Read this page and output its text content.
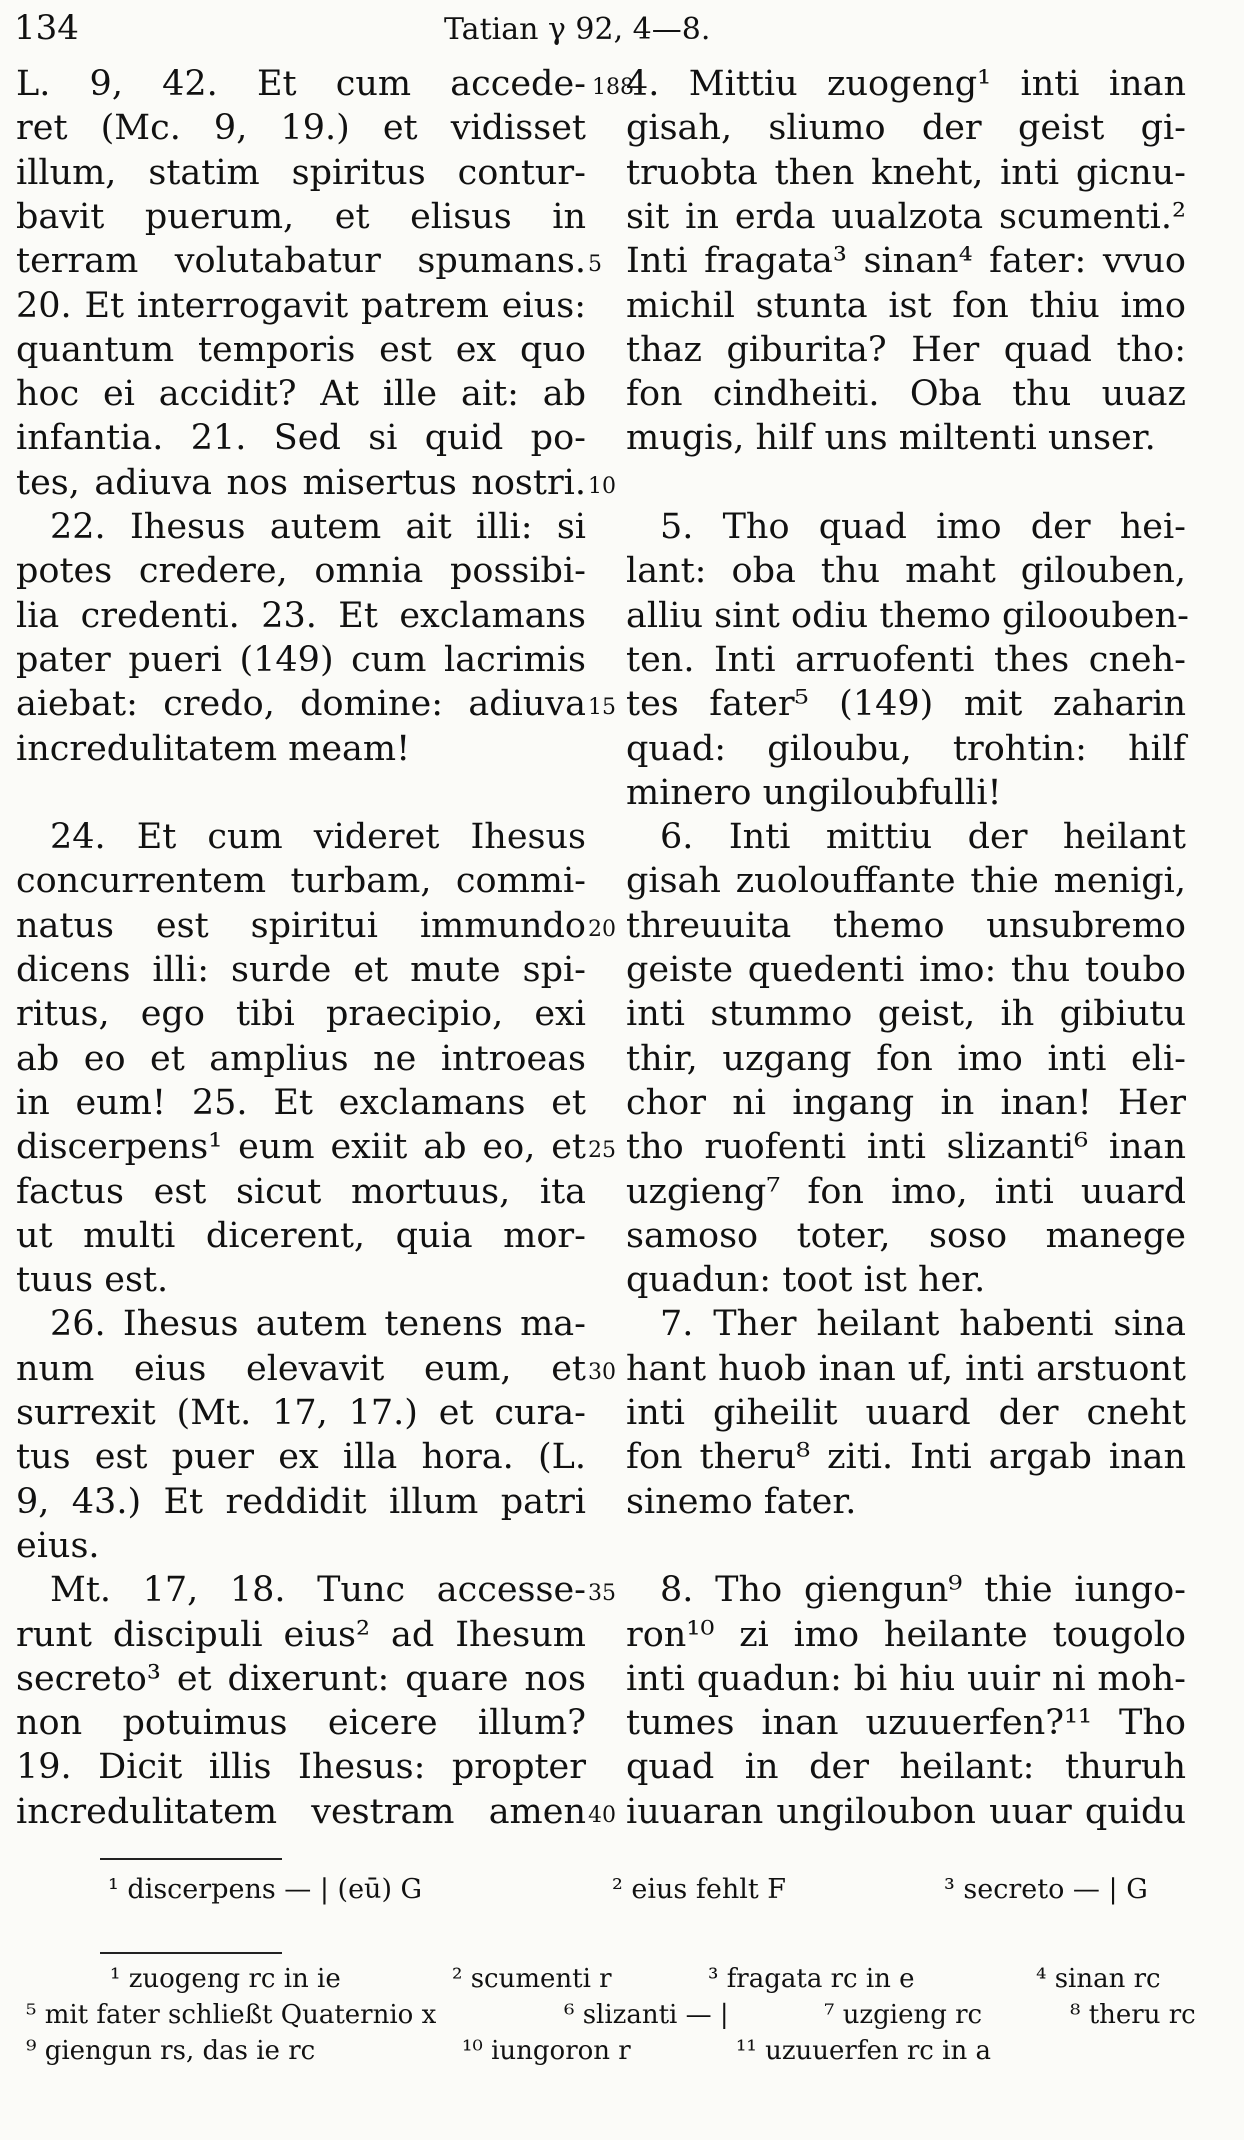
134	Tatian γ 92, 4—8.
L. 9, 42. Et cum accede-
ret (Mc. 9, 19.) et vidisset
illum, statim spiritus contur-
bavit puerum, et elisus in
terram volutabatur spumans.
20. Et interrogavit patrem eius:
quantum temporis est ex quo
hoc ei accidit? At ille ait: ab
infantia. 21. Sed si quid po-
tes, adiuva nos misertus nostri.
22. Ihesus autem ait illi: si
potes credere, omnia possibi-
lia credenti. 23. Et exclamans
pater pueri (149) cum lacrimis
aiebat: credo, domine: adiuva
incredulitatem meam!
24. Et cum videret Ihesus
concurrentem turbam, commi-
natus est spiritui immundo
dicens illi: surde et mute spi-
ritus, ego tibi praecipio, exi
ab eo et amplius ne introeas
in eum! 25. Et exclamans et
discerpens¹ eum exiit ab eo, et
factus est sicut mortuus, ita
ut multi dicerent, quia mor-
tuus est.
26. Ihesus autem tenens ma-
num eius elevavit eum, et
surrexit (Mt. 17, 17.) et cura-
tus est puer ex illa hora. (L.
9, 43.) Et reddidit illum patri
eius.
Mt. 17, 18. Tunc accesse-
runt discipuli eius² ad Ihesum
secreto³ et dixerunt: quare nos
non potuimus eicere illum?
19. Dicit illis Ihesus: propter
incredulitatem vestram amen
4. Mittiu zuogeng¹ inti inan
gisah, sliumo der geist gi-
truobta then kneht, inti gicnu-
sit in erda uualzota scumenti.²
Inti fragata³ sinan⁴ fater: vvuo
michil stunta ist fon thiu imo
thaz giburita? Her quad tho:
fon cindheiti. Oba thu uuaz
mugis, hilf uns miltenti unser.
5. Tho quad imo der hei-
lant: oba thu maht gilouben,
alliu sint odiu themo giloouben-
ten. Inti arruofenti thes cneh-
tes fater⁵ (149) mit zaharin
quad: giloubu, trohtin: hilf
minero ungiloubfulli!
6. Inti mittiu der heilant
gisah zuolouffante thie menigi,
threuuita themo unsubremo
geiste quedenti imo: thu toubo
inti stummo geist, ih gibiutu
thir, uzgang fon imo inti eli-
chor ni ingang in inan! Her
tho ruofenti inti slizanti⁶ inan
uzgieng⁷ fon imo, inti uuard
samoso toter, soso manege
quadun: toot ist her.
7. Ther heilant habenti sina
hant huob inan uf, inti arstuont
inti giheilit uuard der cneht
fon theru⁸ ziti. Inti argab inan
sinemo fater.
8. Tho giengun⁹ thie iungo-
ron¹⁰ zi imo heilante tougolo
inti quadun: bi hiu uuir ni moh-
tumes inan uzuuerfen?¹¹ Tho
quad in der heilant: thuruh
iuuaran ungiloubon uuar quidu
188
5
10
15
20
25
30
35
40
¹ discerpens — | (eū) G	² eius fehlt F	³ secreto — | G
¹ zuogeng rc in ie	² scumenti r	³ fragata rc in e	⁴ sinan rc
⁵ mit fater schließt Quaternio x	⁶ slizanti — |	⁷ uzgieng rc	⁸ theru rc
⁹ giengun rs, das ie rc	¹⁰ iungoron r	¹¹ uzuuerfen rc in a
